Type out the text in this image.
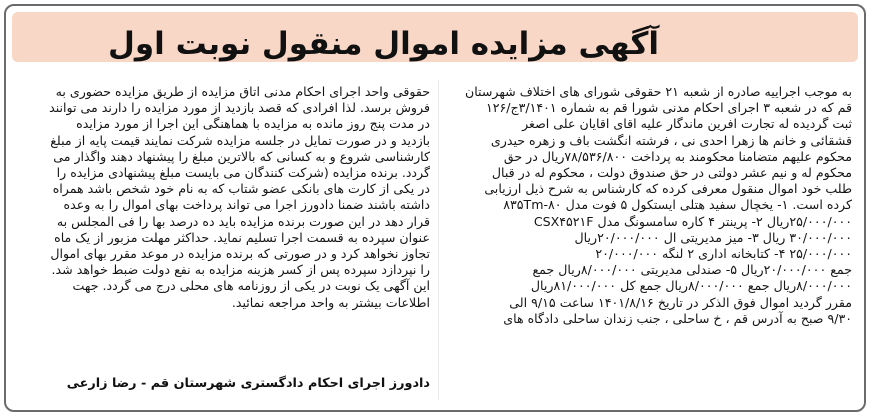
آگهی مزایده اموال منقول نوبت اول
به موجب اجراییه صادره از شعبه ۲۱ حقوقی شورای های اختلاف شهرستان
قم که در شعبه ۳ اجرای احکام مدنی شورا قم به شماره ۳/۱۴۰۱ج/۱۲۶
ثبت گردیده له تجارت افرین ماندگار علیه اقای اقایان علی اصغر
قشقائی و خانم ها زهرا احدی نی ، فرشته انگشت باف و زهره حیدری
محکوم علیهم متضامنا محکومند به پرداخت ۷۸/۵۳۶/۸۰۰ریال در حق
محکوم له و نیم عشر دولتی در حق صندوق دولت ، محکوم له در قبال
طلب خود اموال منقول معرفی کرده که کارشناس به شرح ذیل ارزیابی
کرده است. ۱- یخچال سفید هتلی ایستکول ۵ فوت مدل ۸۰-۸۳۵Tm
۲۵/۰۰۰/۰۰۰ریال ۲- پرینتر ۴ کاره سامسونگ مدل CSX۴۵۲۱F
۳۰/۰۰۰/۰۰۰ ریال ۳- میز مدیریتی ال ۲۰/۰۰۰/۰۰۰ریال
۲۵/۰۰۰/۰۰۰ ۴- کتابخانه اداری ۲ لنگه ۲۰/۰۰۰/۰۰۰
جمع ۲۰/۰۰۰/۰۰۰ریال ۵- صندلی مدیریتی ۸/۰۰۰/۰۰۰ریال جمع
۸/۰۰۰/۰۰۰ریال جمع ۸/۰۰۰/۰۰۰ریال جمع کل ۸۱/۰۰۰/۰۰۰ریال
مقرر گردید اموال فوق الذکر در تاریخ ۱۴۰۱/۸/۱۶ ساعت ۹/۱۵ الی
۹/۳۰ صبح به آدرس قم ، خ ساحلی ، جنب زندان ساحلی دادگاه های
حقوقی واحد اجرای احکام مدنی اتاق مزایده از طریق مزایده حضوری به
فروش برسد. لذا افرادی که قصد بازدید از مورد مزایده را دارند می توانند
در مدت پنج روز مانده به مزایده با هماهنگی این اجرا از مورد مزایده
بازدید و در صورت تمایل در جلسه مزایده شرکت نمایند قیمت پایه از مبلغ
کارشناسی شروع و به کسانی که بالاترین مبلغ را پیشنهاد دهند واگذار می
گردد. برنده مزایده (شرکت کنندگان می بایست مبلغ پیشنهادی مزایده را
در یکی از کارت های بانکی عضو شتاب که به نام خود شخص باشد همراه
داشته باشند ضمنا دادورز اجرا می تواند پرداخت بهای اموال را به وعده
قرار دهد در این صورت برنده مزایده باید ده درصد بها را فی المجلس به
عنوان سپرده به قسمت اجرا تسلیم نماید. حداکثر مهلت مزبور از یک ماه
تجاوز نخواهد کرد و در صورتی که برنده مزایده در موعد مقرر بهای اموال
را نپردازد سپرده پس از کسر هزینه مزایده به نفع دولت ضبط خواهد شد.
این آگهی یک نوبت در یکی از روزنامه های محلی درج می گردد. جهت
اطلاعات بیشتر به واحد مراجعه نمائید.
دادورز اجرای احکام دادگستری شهرستان قم - رضا زارعی
